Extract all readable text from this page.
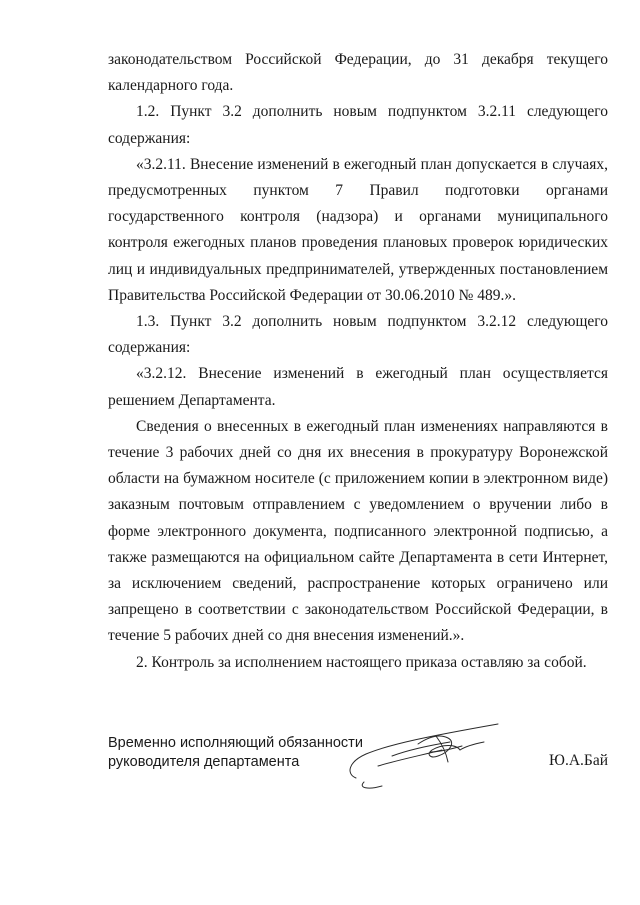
законодательством Российской Федерации, до 31 декабря текущего календарного года.

1.2. Пункт 3.2 дополнить новым подпунктом 3.2.11 следующего содержания:

«3.2.11. Внесение изменений в ежегодный план допускается в случаях, предусмотренных пунктом 7 Правил подготовки органами государственного контроля (надзора) и органами муниципального контроля ежегодных планов проведения плановых проверок юридических лиц и индивидуальных предпринимателей, утвержденных постановлением Правительства Российской Федерации от 30.06.2010 № 489.».

1.3. Пункт 3.2 дополнить новым подпунктом 3.2.12 следующего содержания:

«3.2.12. Внесение изменений в ежегодный план осуществляется решением Департамента.

Сведения о внесенных в ежегодный план изменениях направляются в течение 3 рабочих дней со дня их внесения в прокуратуру Воронежской области на бумажном носителе (с приложением копии в электронном виде) заказным почтовым отправлением с уведомлением о вручении либо в форме электронного документа, подписанного электронной подписью, а также размещаются на официальном сайте Департамента в сети Интернет, за исключением сведений, распространение которых ограничено или запрещено в соответствии с законодательством Российской Федерации, в течение 5 рабочих дней со дня внесения изменений.».

2. Контроль за исполнением настоящего приказа оставляю за собой.

Временно исполняющий обязанности
руководителя департамента	Ю.А.Бай
